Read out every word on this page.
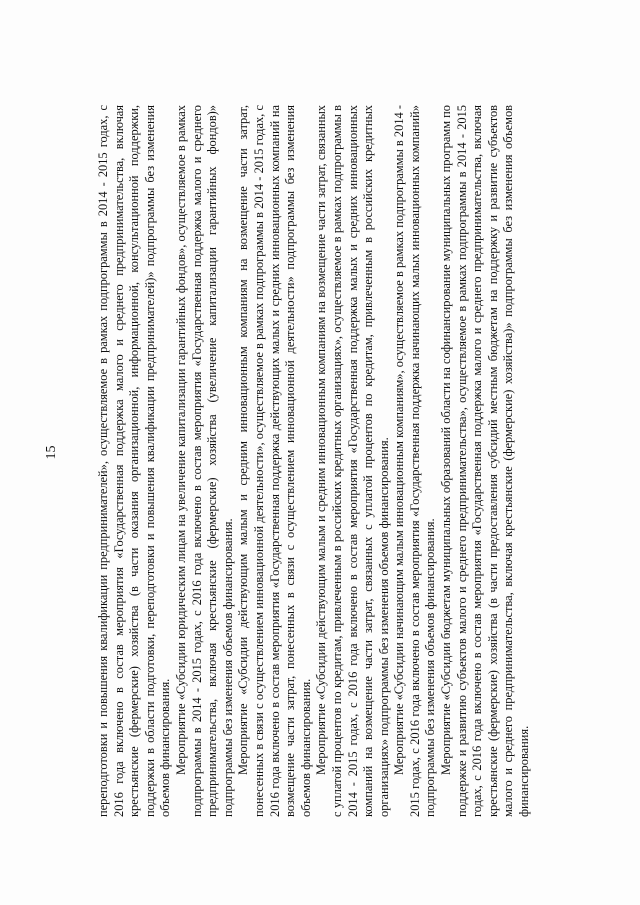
15	переподготовки и повышения квалификации предпринимателей», осуществляемое в рамках подпрограммы в 2014 - 2015 годах, с 2016 года включено в состав мероприятия «Государственная поддержка малого и среднего предпринимательства, включая крестьянские (фермерские) хозяйства (в части оказания организационной, информационной, консультационной поддержки, поддержки в области подготовки, переподготовки и повышения квалификации предпринимателей)» подпрограммы без изменения объемов финансирования. Мероприятие «Субсидии юридическим лицам на увеличение капитализации гарантийных фондов», осуществляемое в рамках подпрограммы в 2014 - 2015 годах, с 2016 года включено в состав мероприятия «Государственная поддержка малого и среднего предпринимательства, включая крестьянские (фермерские) хозяйства (увеличение капитализации гарантийных фондов)» подпрограммы без изменения объемов финансирования. Мероприятие «Субсидии действующим малым и средним инновационным компаниям на возмещение части затрат, понесенных в связи с осуществлением инновационной деятельности», осуществляемое в рамках подпрограммы в 2014 - 2015 годах, с 2016 года включено в состав мероприятия «Государственная поддержка действующих малых и средних инновационных компаний на возмещение части затрат, понесенных в связи с осуществлением инновационной деятельности» подпрограммы без изменения объемов финансирования. Мероприятие «Субсидии действующим малым и средним инновационным компаниям на возмещение части затрат, связанных с уплатой процентов по кредитам, привлеченным в российских кредитных организациях», осуществляемое в рамках подпрограммы в 2014 - 2015 годах, с 2016 года включено в состав мероприятия «Государственная поддержка малых и средних инновационных компаний на возмещение части затрат, связанных с уплатой процентов по кредитам, привлеченным в российских кредитных организациях» подпрограммы без изменения объемов финансирования. Мероприятие «Субсидии начинающим малым инновационным компаниям», осуществляемое в рамках подпрограммы в 2014 - 2015 годах, с 2016 года включено в состав мероприятия «Государственная поддержка начинающих малых инновационных компаний» подпрограммы без изменения объемов финансирования. Мероприятие «Субсидии бюджетам муниципальных образований области на софинансирование муниципальных программ по поддержке и развитию субъектов малого и среднего предпринимательства», осуществляемое в рамках подпрограммы в 2014 - 2015 годах, с 2016 года включено в состав мероприятия «Государственная поддержка малого и среднего предпринимательства, включая крестьянские (фермерские) хозяйства (в части предоставления субсидий местным бюджетам на поддержку и развитие субъектов малого и среднего предпринимательства, включая крестьянские (фермерские) хозяйства)» подпрограммы без изменения объемов финансирования.
